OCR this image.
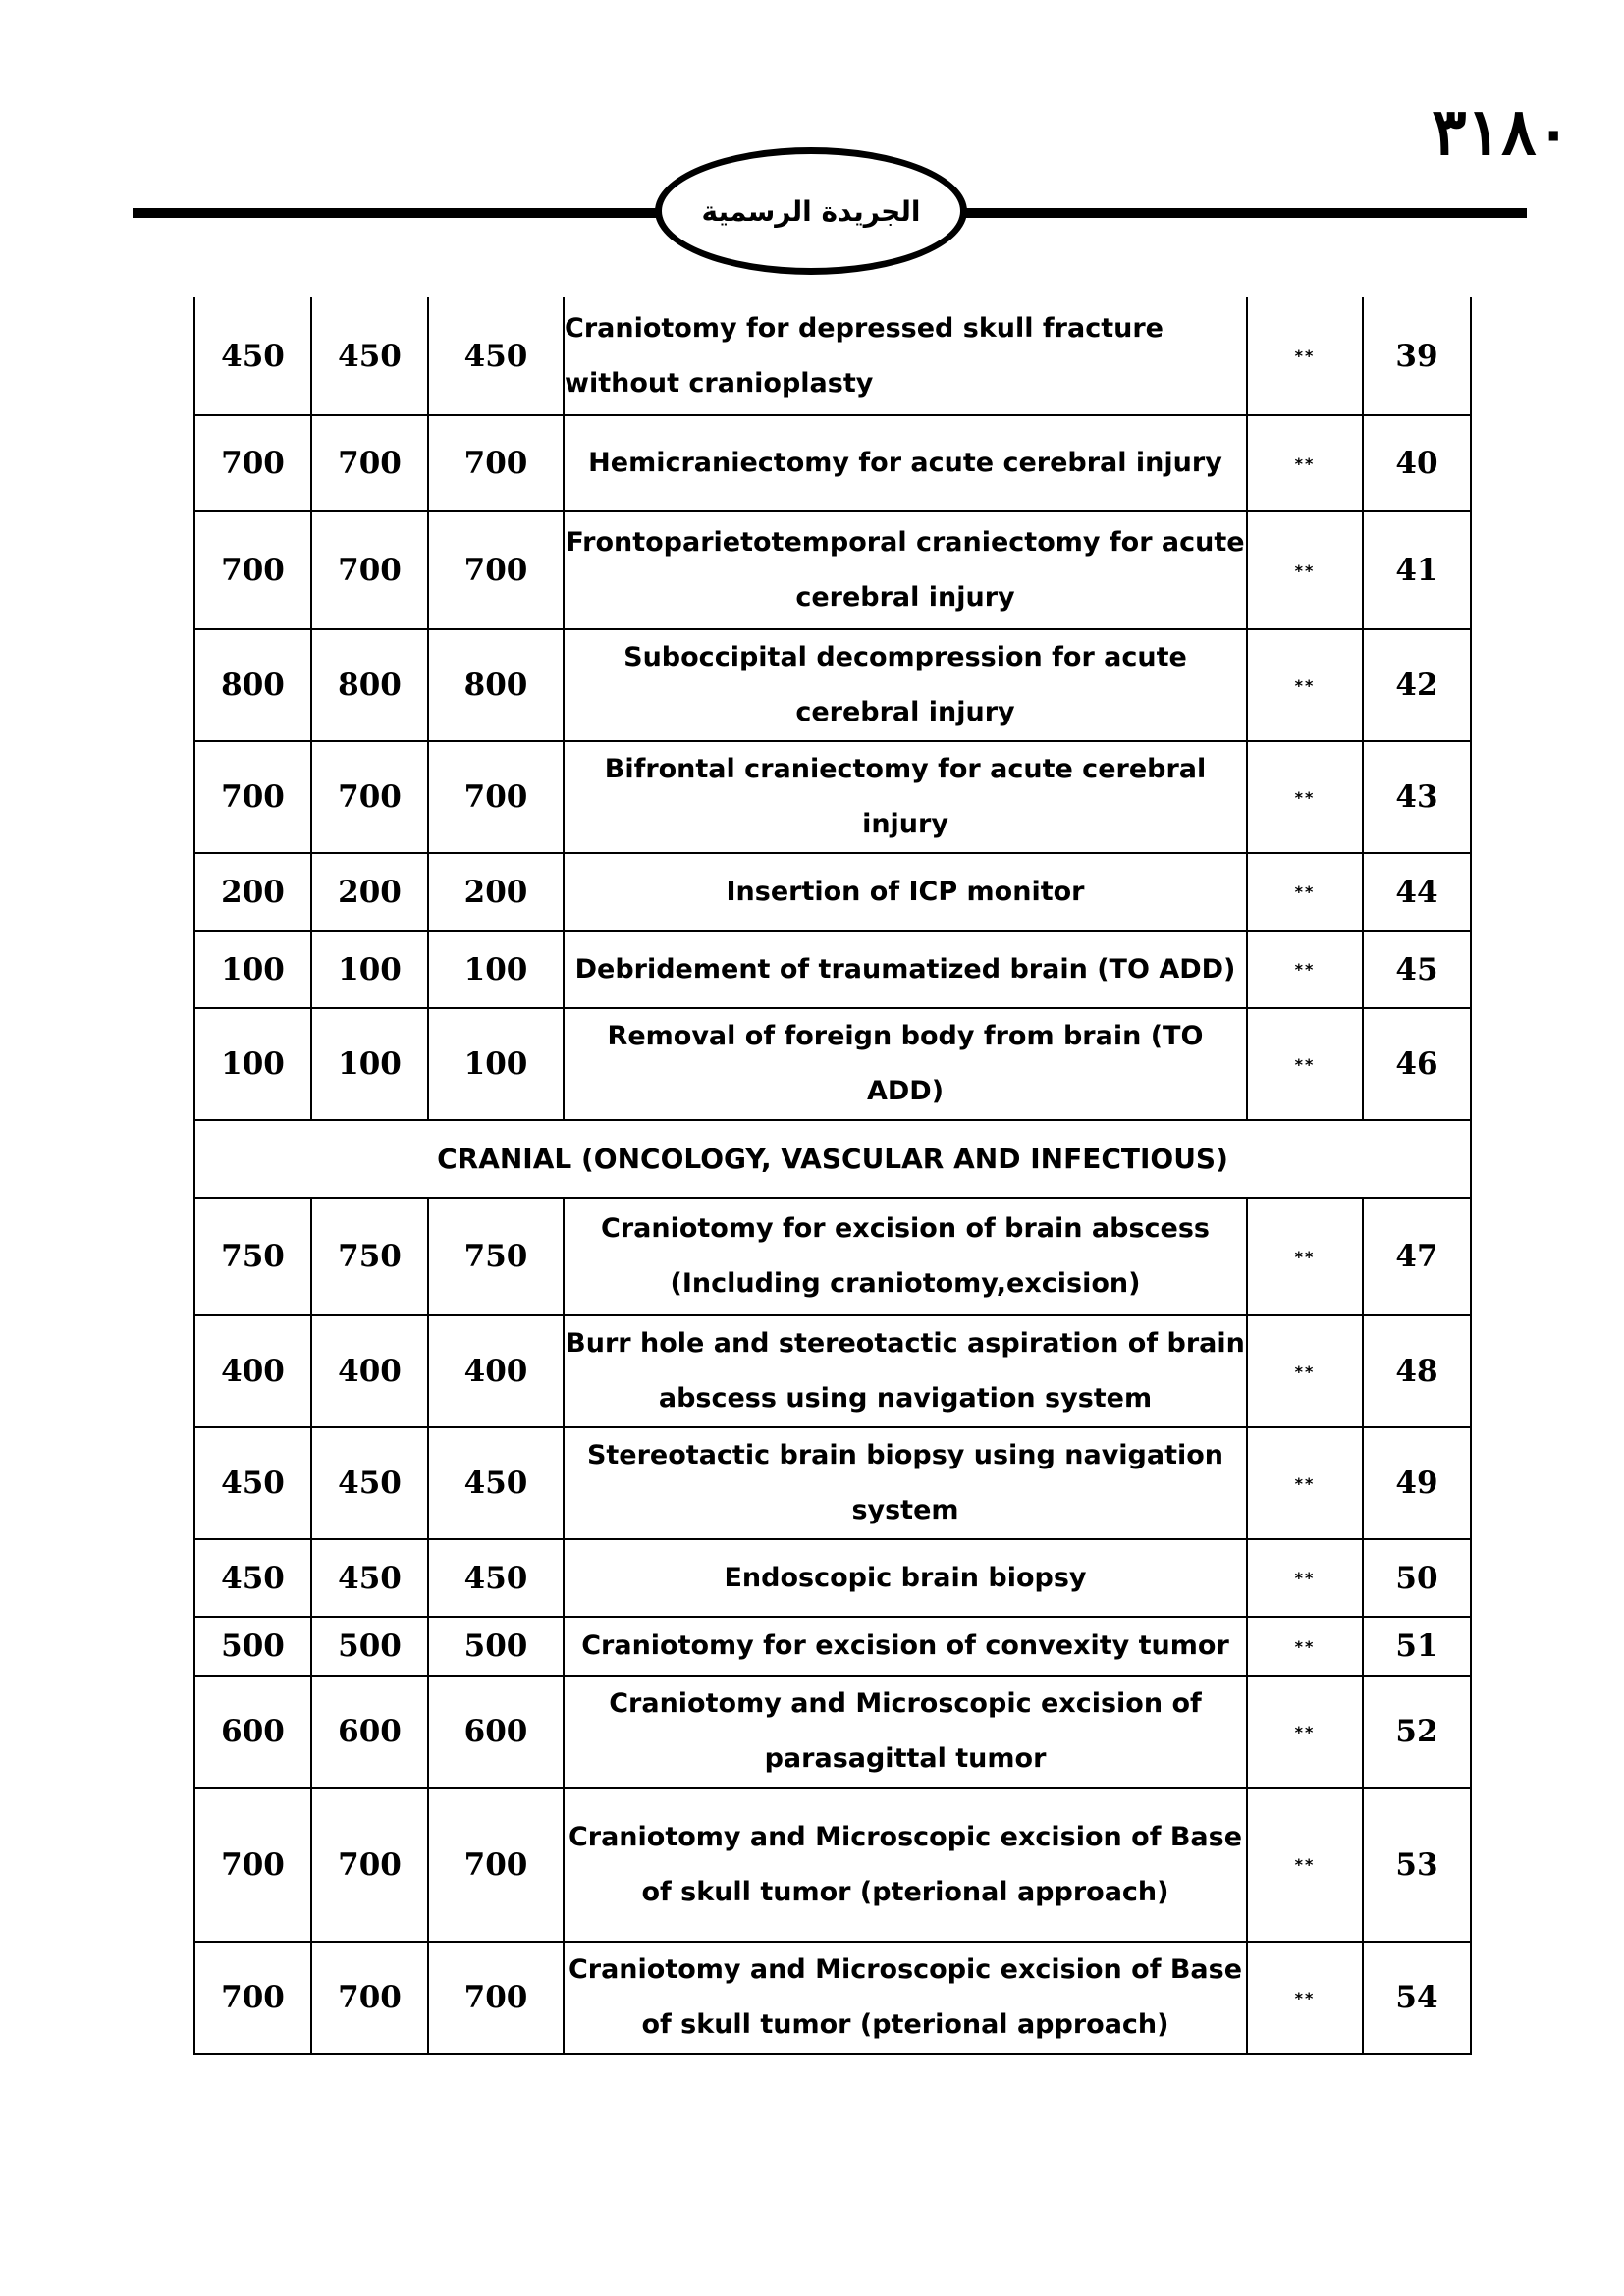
٣١٨٠
الجريدة الرسمية
450	450	450	Craniotomy for depressed skull fracture without cranioplasty	**	39
700	700	700	Hemicraniectomy for acute cerebral injury	**	40
700	700	700	Frontoparietotemporal craniectomy for acute cerebral injury	**	41
800	800	800	Suboccipital decompression for acute cerebral injury	**	42
700	700	700	Bifrontal craniectomy for acute cerebral injury	**	43
200	200	200	Insertion of ICP monitor	**	44
100	100	100	Debridement of traumatized brain (TO ADD)	**	45
100	100	100	Removal of foreign body from brain (TO ADD)	**	46
CRANIAL (ONCOLOGY, VASCULAR AND INFECTIOUS)					
750	750	750	Craniotomy for excision of brain abscess (Including craniotomy,excision)	**	47
400	400	400	Burr hole and stereotactic aspiration of brain abscess using navigation system	**	48
450	450	450	Stereotactic brain biopsy using navigation system	**	49
450	450	450	Endoscopic brain biopsy	**	50
500	500	500	Craniotomy for excision of convexity tumor	**	51
600	600	600	Craniotomy and Microscopic excision of parasagittal tumor	**	52
700	700	700	Craniotomy and Microscopic excision of Base of skull tumor (pterional approach)	**	53
700	700	700	Craniotomy and Microscopic excision of Base of skull tumor (pterional approach)	**	54
